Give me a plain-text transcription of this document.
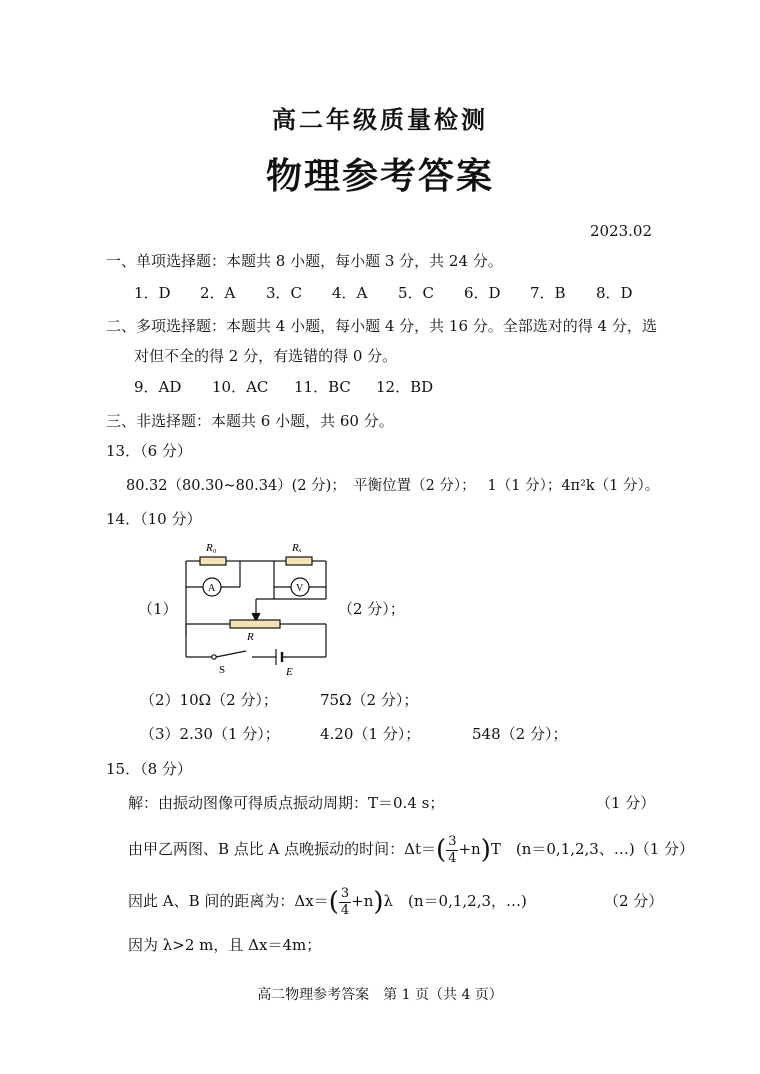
高二年级质量检测
物理参考答案
2023.02
一、单项选择题：本题共 8 小题，每小题 3 分，共 24 分。
1．D 2．A 3．C 4．A 5．C 6．D 7．B 8．D
二、多项选择题：本题共 4 小题，每小题 4 分，共 16 分。全部选对的得 4 分，选
对但不全的得 2 分，有选错的得 0 分。
9．AD 10．AC 11．BC 12．BD
三、非选择题：本题共 6 小题，共 60 分。
13．（6 分）
80.32（80.30~80.34）(2 分)；　平衡位置（2 分）；　 1（1 分）；4π²k（1 分）。
14．（10 分）
（1）	（2 分）；
R₀	Rₓ
A	V
R
S	E
（2）10Ω（2 分）；	75Ω（2 分）；
（3）2.30（1 分）；	4.20（1 分）；	548（2 分）；
15．（8 分）
解：由振动图像可得质点振动周期：T＝0.4 s；	（1 分）
由甲乙两图、B 点比 A 点晚振动的时间：$\Delta t=( \frac{3}{4} +n)T$　(n＝0,1,2,3、…)（1 分）
因此 A、B 间的距离为：$\Delta x=( \frac{3}{4} +n)\lambda$　(n＝0,1,2,3，…)	（2 分）
因为 λ>2 m，且 Δx＝4m；
高二物理参考答案　第 1 页（共 4 页）
